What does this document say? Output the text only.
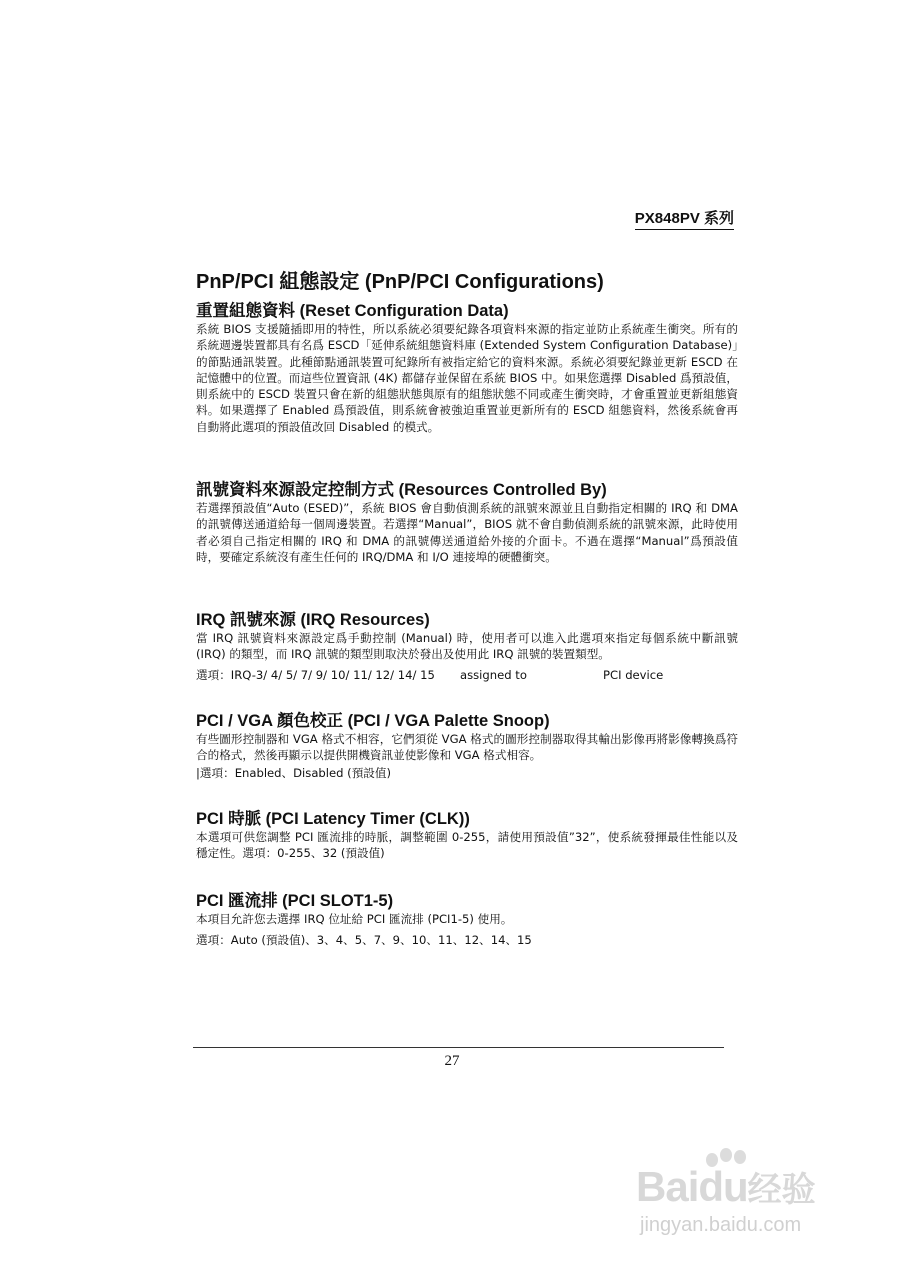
PX848PV 系列
PnP/PCI 組態設定 (PnP/PCI Configurations)
重置組態資料 (Reset Configuration Data)
系統 BIOS 支援隨插即用的特性，所以系統必須要紀錄各項資料來源的指定並防止系統產生衝突。所有的系統週邊裝置都具有名爲 ESCD「延伸系統組態資料庫 (Extended System Configuration Database)」的節點通訊裝置。此種節點通訊裝置可紀錄所有被指定給它的資料來源。系統必須要紀錄並更新 ESCD 在記憶體中的位置。而這些位置資訊 (4K) 都儲存並保留在系統 BIOS 中。如果您選擇 Disabled 爲預設值，則系統中的 ESCD 裝置只會在新的組態狀態與原有的組態狀態不同或產生衝突時，才會重置並更新組態資料。如果選擇了 Enabled 爲預設值，則系統會被強迫重置並更新所有的 ESCD 組態資料，然後系統會再自動將此選項的預設值改回 Disabled 的模式。
訊號資料來源設定控制方式 (Resources Controlled By)
若選擇預設值“Auto (ESED)”，系統 BIOS 會自動偵測系統的訊號來源並且自動指定相關的 IRQ 和 DMA 的訊號傳送通道給每一個周邊裝置。若選擇“Manual”，BIOS 就不會自動偵測系統的訊號來源，此時使用者必須自己指定相關的 IRQ 和 DMA 的訊號傳送通道給外接的介面卡。不過在選擇“Manual”爲預設值時，要確定系統沒有產生任何的 IRQ/DMA 和 I/O 連接埠的硬體衝突。
IRQ 訊號來源 (IRQ Resources)
當 IRQ 訊號資料來源設定爲手動控制 (Manual) 時，使用者可以進入此選項來指定每個系統中斷訊號 (IRQ) 的類型，而 IRQ 訊號的類型則取決於發出及使用此 IRQ 訊號的裝置類型。
選項：IRQ-3/ 4/ 5/ 7/ 9/ 10/ 11/ 12/ 14/ 15 assigned to	PCI device
PCI / VGA 顏色校正 (PCI / VGA Palette Snoop)
有些圖形控制器和 VGA 格式不相容，它們須從 VGA 格式的圖形控制器取得其輸出影像再將影像轉換爲符合的格式，然後再顯示以提供開機資訊並使影像和 VGA 格式相容。
|選項：Enabled、Disabled (預設值)
PCI 時脈 (PCI Latency Timer (CLK))
本選項可供您調整 PCI 匯流排的時脈，調整範圍 0-255，請使用預設值”32”，使系統發揮最佳性能以及穩定性。選項：0-255、32 (預設值)
PCI 匯流排 (PCI SLOT1-5)
本項目允許您去選擇 IRQ 位址給 PCI 匯流排 (PCI1-5) 使用。
選項：Auto (預設值)、3、4、5、7、9、10、11、12、14、15
27
Baidu经验
jingyan.baidu.com
